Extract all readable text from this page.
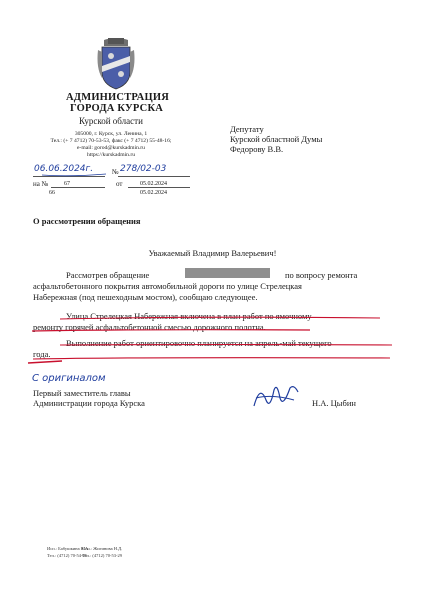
АДМИНИСТРАЦИЯ
ГОРОДА КУРСКА
Курской области
305000, г. Курск, ул. Ленина, 1
Тел.: (+ 7 4712) 70-53-53, факс (+ 7 4712) 55-48-16;
e-mail: gorod@kurskadmin.ru
https://kurskadmin.ru
06.06.2024г.	№ 278/02-03
на №	67	от	05.02.2024
66	05.02.2024
Депутату
Курской областной Думы
Федорову В.В.
О рассмотрении обращения
Уважаемый Владимир Валерьевич!
Рассмотрев обращение	по вопросу ремонта
асфальтобетонного покрытия автомобильной дороги по улице Стрелецкая
Набережная (под пешеходным мостом), сообщаю следующее.
Улица Стрелецкая Набережная включена в план работ по ямочному
ремонту горячей асфальтобетонной смесью дорожного полотна.
Выполнение работ ориентировочно планируется на апрель-май текущего
года.
С оригиналом
Первый заместитель главы
Администрации города Курска	Н.А. Цыбин
Исп.: Бабушкина К.А.
Тел.: (4712) 70-54-05
Исп.: Жигинова Н.Д.
Тел.: (4712) 70-53-29
